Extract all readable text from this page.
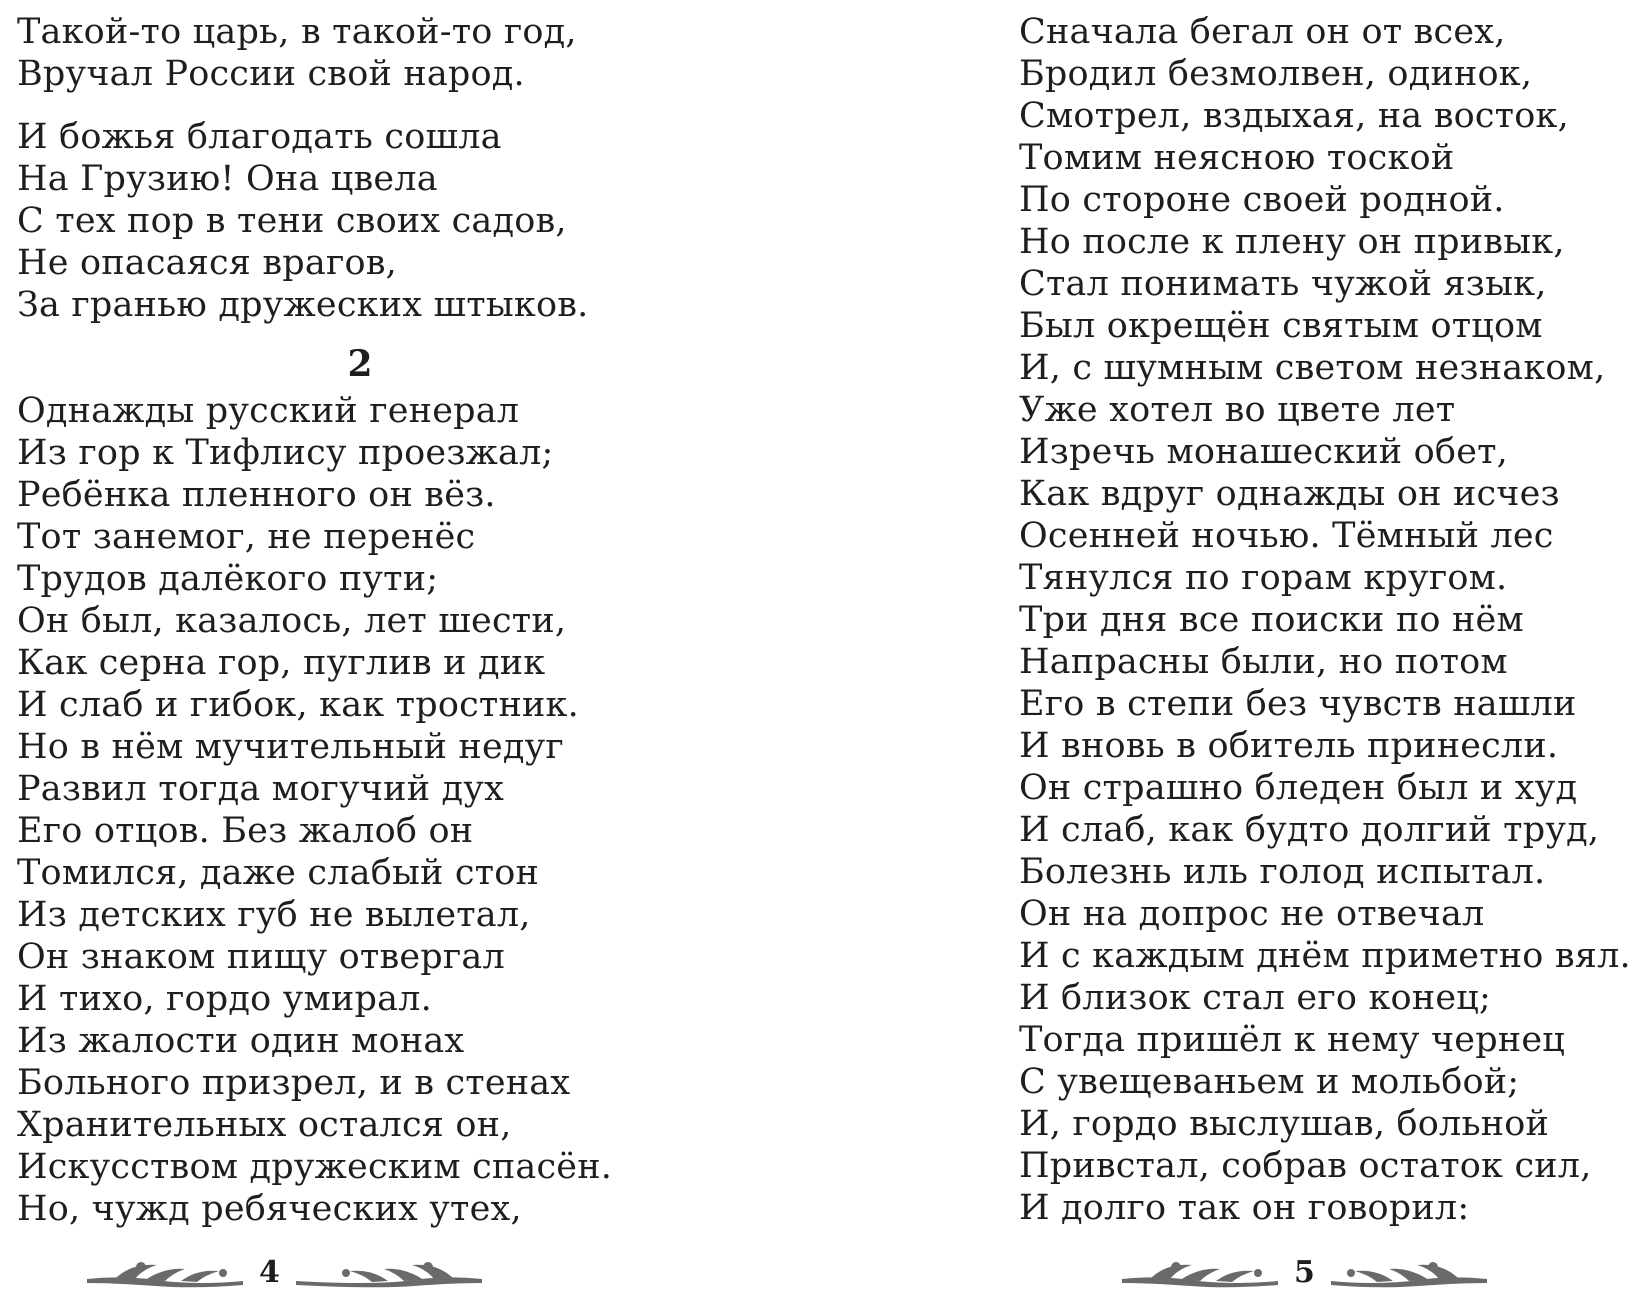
Такой-то царь, в такой-то год,
Вручал России свой народ.
И божья благодать сошла
На Грузию! Она цвела
С тех пор в тени своих садов,
Не опасаяся врагов,
За гранью дружеских штыков.
2
Однажды русский генерал
Из гор к Тифлису проезжал;
Ребёнка пленного он вёз.
Тот занемог, не перенёс
Трудов далёкого пути;
Он был, казалось, лет шести,
Как серна гор, пуглив и дик
И слаб и гибок, как тростник.
Но в нём мучительный недуг
Развил тогда могучий дух
Его отцов. Без жалоб он
Томился, даже слабый стон
Из детских губ не вылетал,
Он знаком пищу отвергал
И тихо, гордо умирал.
Из жалости один монах
Больного призрел, и в стенах
Хранительных остался он,
Искусством дружеским спасён.
Но, чужд ребяческих утех,
4
Сначала бегал он от всех,
Бродил безмолвен, одинок,
Смотрел, вздыхая, на восток,
Томим неясною тоской
По стороне своей родной.
Но после к плену он привык,
Стал понимать чужой язык,
Был окрещён святым отцом
И, с шумным светом незнаком,
Уже хотел во цвете лет
Изречь монашеский обет,
Как вдруг однажды он исчез
Осенней ночью. Тёмный лес
Тянулся по горам кругом.
Три дня все поиски по нём
Напрасны были, но потом
Его в степи без чувств нашли
И вновь в обитель принесли.
Он страшно бледен был и худ
И слаб, как будто долгий труд,
Болезнь иль голод испытал.
Он на допрос не отвечал
И с каждым днём приметно вял.
И близок стал его конец;
Тогда пришёл к нему чернец
С увещеваньем и мольбой;
И, гордо выслушав, больной
Привстал, собрав остаток сил,
И долго так он говорил:
5
